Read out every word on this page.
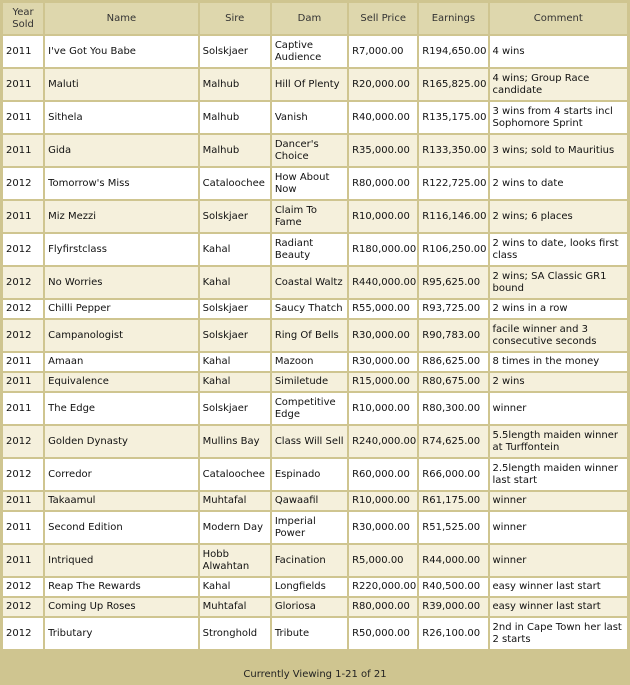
Year Sold	Name	Sire	Dam	Sell Price	Earnings	Comment
2011	I've Got You Babe	Solskjaer	Captive Audience	R7,000.00	R194,650.00	4 wins
2011	Maluti	Malhub	Hill Of Plenty	R20,000.00	R165,825.00	4 wins; Group Race candidate
2011	Sithela	Malhub	Vanish	R40,000.00	R135,175.00	3 wins from 4 starts incl Sophomore Sprint
2011	Gida	Malhub	Dancer's Choice	R35,000.00	R133,350.00	3 wins; sold to Mauritius
2012	Tomorrow's Miss	Cataloochee	How About Now	R80,000.00	R122,725.00	2 wins to date
2011	Miz Mezzi	Solskjaer	Claim To Fame	R10,000.00	R116,146.00	2 wins; 6 places
2012	Flyfirstclass	Kahal	Radiant Beauty	R180,000.00	R106,250.00	2 wins to date, looks first class
2012	No Worries	Kahal	Coastal Waltz	R440,000.00	R95,625.00	2 wins; SA Classic GR1 bound
2012	Chilli Pepper	Solskjaer	Saucy Thatch	R55,000.00	R93,725.00	2 wins in a row
2012	Campanologist	Solskjaer	Ring Of Bells	R30,000.00	R90,783.00	facile winner and 3 consecutive seconds
2011	Amaan	Kahal	Mazoon	R30,000.00	R86,625.00	8 times in the money
2011	Equivalence	Kahal	Similetude	R15,000.00	R80,675.00	2 wins
2011	The Edge	Solskjaer	Competitive Edge	R10,000.00	R80,300.00	winner
2012	Golden Dynasty	Mullins Bay	Class Will Sell	R240,000.00	R74,625.00	5.5length maiden winner at Turffontein
2012	Corredor	Cataloochee	Espinado	R60,000.00	R66,000.00	2.5length maiden winner last start
2011	Takaamul	Muhtafal	Qawaafil	R10,000.00	R61,175.00	winner
2011	Second Edition	Modern Day	Imperial Power	R30,000.00	R51,525.00	winner
2011	Intriqued	Hobb Alwahtan	Facination	R5,000.00	R44,000.00	winner
2012	Reap The Rewards	Kahal	Longfields	R220,000.00	R40,500.00	easy winner last start
2012	Coming Up Roses	Muhtafal	Gloriosa	R80,000.00	R39,000.00	easy winner last start
2012	Tributary	Stronghold	Tribute	R50,000.00	R26,100.00	2nd in Cape Town her last 2 starts
Currently Viewing 1-21 of 21
